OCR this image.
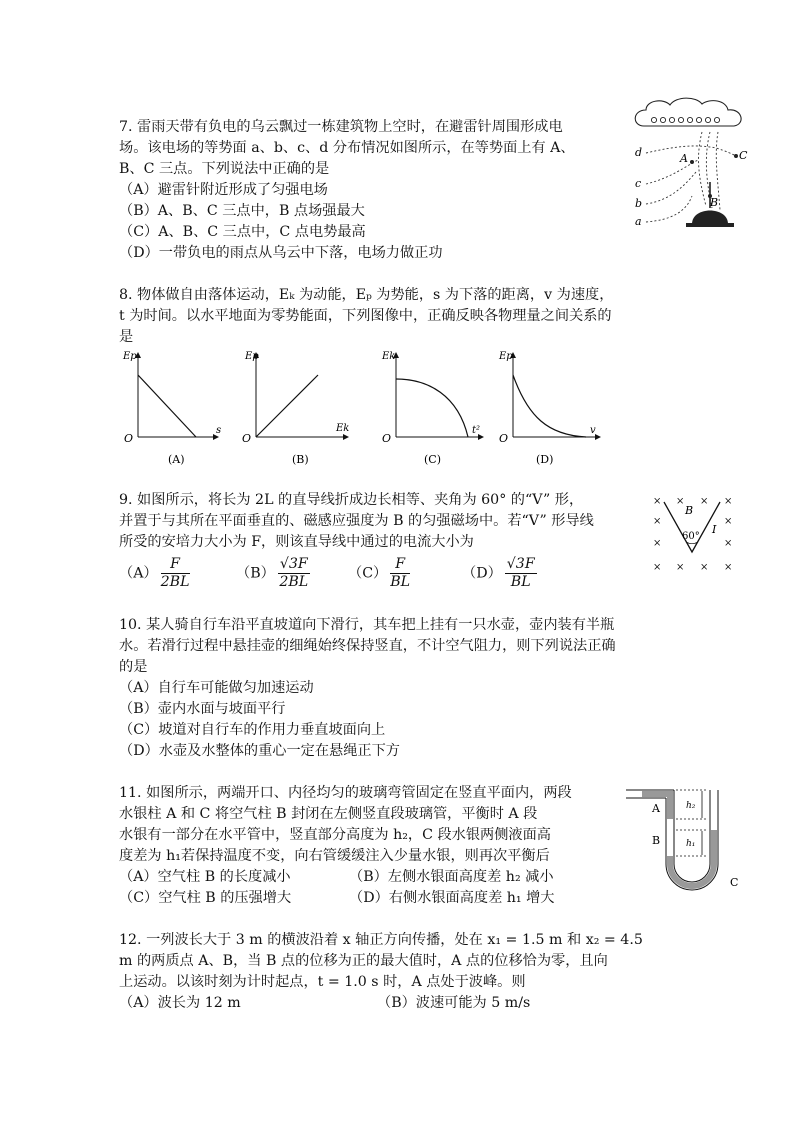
7. 雷雨天带有负电的乌云飘过一栋建筑物上空时，在避雷针周围形成电
场。该电场的等势面 a、b、c、d 分布情况如图所示，在等势面上有 A、
B、C 三点。下列说法中正确的是
（A）避雷针附近形成了匀强电场
（B）A、B、C 三点中，B 点场强最大
（C）A、B、C 三点中，C 点电势最高
（D）一带负电的雨点从乌云中下落，电场力做正功
d
c
b
a
A
B
C
8. 物体做自由落体运动，Eₖ 为动能，Eₚ 为势能，s 为下落的距离，v 为速度，
t 为时间。以水平地面为零势能面，下列图像中，正确反映各物理量之间关系的
是
Ep
s
O
(A)
Ep
Ek
O
(B)
Ek
t²
O
(C)
Ep
v
O
(D)
9. 如图所示，将长为 2L 的直导线折成边长相等、夹角为 60° 的“V” 形，
并置于与其所在平面垂直的、磁感应强度为 B 的匀强磁场中。若“V” 形导线
所受的安培力大小为 F，则该直导线中通过的电流大小为
$(A) \frac{F}{2BL}$	$(B) \frac{√3F}{2BL}$	$(C) \frac{F}{BL}$	$(D) \frac{√3F}{BL}$
× × × ×
×	×
×	×
× × × ×
B
60°
I
10. 某人骑自行车沿平直坡道向下滑行，其车把上挂有一只水壶，壶内装有半瓶
水。若滑行过程中悬挂壶的细绳始终保持竖直，不计空气阻力，则下列说法正确
的是
（A）自行车可能做匀加速运动
（B）壶内水面与坡面平行
（C）坡道对自行车的作用力垂直坡面向上
（D）水壶及水整体的重心一定在悬绳正下方
11. 如图所示，两端开口、内径均匀的玻璃弯管固定在竖直平面内，两段
水银柱 A 和 C 将空气柱 B 封闭在左侧竖直段玻璃管，平衡时 A 段
水银有一部分在水平管中，竖直部分高度为 h₂，C 段水银两侧液面高
度差为 h₁若保持温度不变，向右管缓缓注入少量水银，则再次平衡后
（A）空气柱 B 的长度减小	（B）左侧水银面高度差 h₂ 减小
（C）空气柱 B 的压强增大	（D）右侧水银面高度差 h₁ 增大
A
B
C
h₂
h₁
12. 一列波长大于 3 m 的横波沿着 x 轴正方向传播，处在 x₁ = 1.5 m 和 x₂ = 4.5
m 的两质点 A、B，当 B 点的位移为正的最大值时，A 点的位移恰为零，且向
上运动。以该时刻为计时起点，t = 1.0 s 时，A 点处于波峰。则
（A）波长为 12 m	（B）波速可能为 5 m/s
